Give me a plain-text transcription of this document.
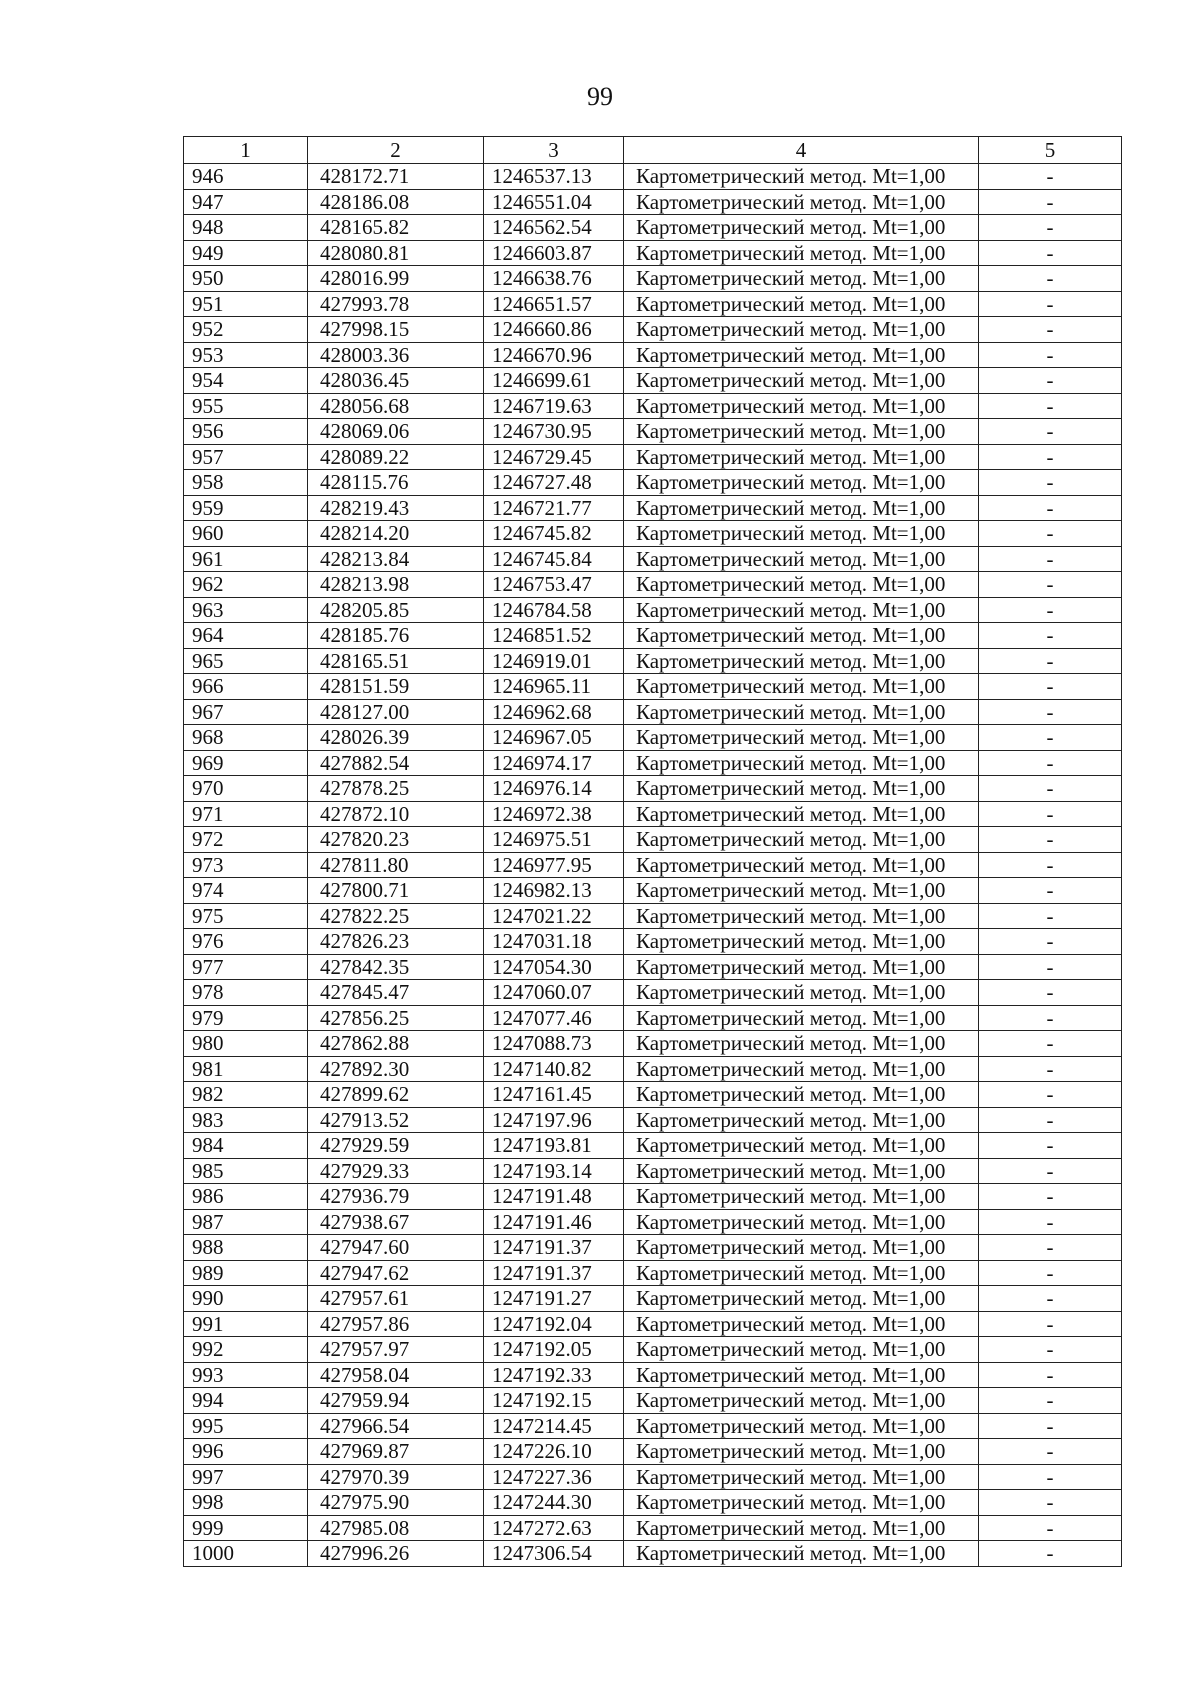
99
1	2	3	4	5
946	428172.71	1246537.13	Картометрический метод. Mt=1,00	-
947	428186.08	1246551.04	Картометрический метод. Mt=1,00	-
948	428165.82	1246562.54	Картометрический метод. Mt=1,00	-
949	428080.81	1246603.87	Картометрический метод. Mt=1,00	-
950	428016.99	1246638.76	Картометрический метод. Mt=1,00	-
951	427993.78	1246651.57	Картометрический метод. Mt=1,00	-
952	427998.15	1246660.86	Картометрический метод. Mt=1,00	-
953	428003.36	1246670.96	Картометрический метод. Mt=1,00	-
954	428036.45	1246699.61	Картометрический метод. Mt=1,00	-
955	428056.68	1246719.63	Картометрический метод. Mt=1,00	-
956	428069.06	1246730.95	Картометрический метод. Mt=1,00	-
957	428089.22	1246729.45	Картометрический метод. Mt=1,00	-
958	428115.76	1246727.48	Картометрический метод. Mt=1,00	-
959	428219.43	1246721.77	Картометрический метод. Mt=1,00	-
960	428214.20	1246745.82	Картометрический метод. Mt=1,00	-
961	428213.84	1246745.84	Картометрический метод. Mt=1,00	-
962	428213.98	1246753.47	Картометрический метод. Mt=1,00	-
963	428205.85	1246784.58	Картометрический метод. Mt=1,00	-
964	428185.76	1246851.52	Картометрический метод. Mt=1,00	-
965	428165.51	1246919.01	Картометрический метод. Mt=1,00	-
966	428151.59	1246965.11	Картометрический метод. Mt=1,00	-
967	428127.00	1246962.68	Картометрический метод. Mt=1,00	-
968	428026.39	1246967.05	Картометрический метод. Mt=1,00	-
969	427882.54	1246974.17	Картометрический метод. Mt=1,00	-
970	427878.25	1246976.14	Картометрический метод. Mt=1,00	-
971	427872.10	1246972.38	Картометрический метод. Mt=1,00	-
972	427820.23	1246975.51	Картометрический метод. Mt=1,00	-
973	427811.80	1246977.95	Картометрический метод. Mt=1,00	-
974	427800.71	1246982.13	Картометрический метод. Mt=1,00	-
975	427822.25	1247021.22	Картометрический метод. Mt=1,00	-
976	427826.23	1247031.18	Картометрический метод. Mt=1,00	-
977	427842.35	1247054.30	Картометрический метод. Mt=1,00	-
978	427845.47	1247060.07	Картометрический метод. Mt=1,00	-
979	427856.25	1247077.46	Картометрический метод. Mt=1,00	-
980	427862.88	1247088.73	Картометрический метод. Mt=1,00	-
981	427892.30	1247140.82	Картометрический метод. Mt=1,00	-
982	427899.62	1247161.45	Картометрический метод. Mt=1,00	-
983	427913.52	1247197.96	Картометрический метод. Mt=1,00	-
984	427929.59	1247193.81	Картометрический метод. Mt=1,00	-
985	427929.33	1247193.14	Картометрический метод. Mt=1,00	-
986	427936.79	1247191.48	Картометрический метод. Mt=1,00	-
987	427938.67	1247191.46	Картометрический метод. Mt=1,00	-
988	427947.60	1247191.37	Картометрический метод. Mt=1,00	-
989	427947.62	1247191.37	Картометрический метод. Mt=1,00	-
990	427957.61	1247191.27	Картометрический метод. Mt=1,00	-
991	427957.86	1247192.04	Картометрический метод. Mt=1,00	-
992	427957.97	1247192.05	Картометрический метод. Mt=1,00	-
993	427958.04	1247192.33	Картометрический метод. Mt=1,00	-
994	427959.94	1247192.15	Картометрический метод. Mt=1,00	-
995	427966.54	1247214.45	Картометрический метод. Mt=1,00	-
996	427969.87	1247226.10	Картометрический метод. Mt=1,00	-
997	427970.39	1247227.36	Картометрический метод. Mt=1,00	-
998	427975.90	1247244.30	Картометрический метод. Mt=1,00	-
999	427985.08	1247272.63	Картометрический метод. Mt=1,00	-
1000	427996.26	1247306.54	Картометрический метод. Mt=1,00	-
